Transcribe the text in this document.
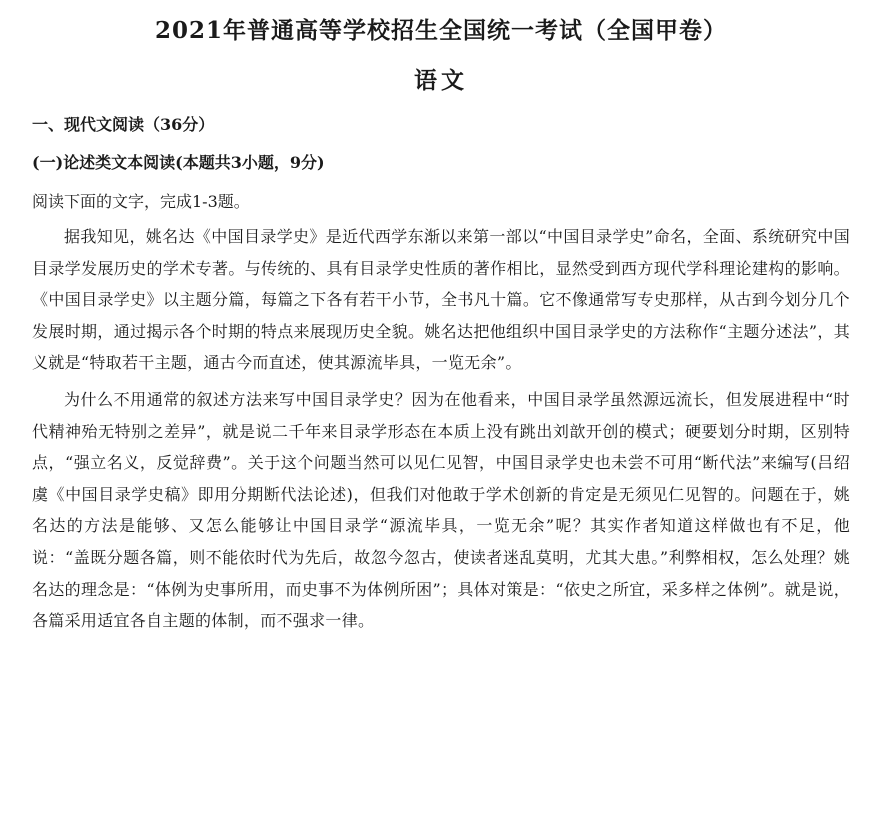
2021年普通高等学校招生全国统一考试（全国甲卷）
语文

一、现代文阅读（36分）

(一)论述类文本阅读(本题共3小题，9分)

阅读下面的文字，完成1-3题。

据我知见，姚名达《中国目录学史》是近代西学东渐以来第一部以“中国目录学史”命名，全面、系统研究中国目录学发展历史的学术专著。与传统的、具有目录学史性质的著作相比，显然受到西方现代学科理论建构的影响。《中国目录学史》以主题分篇，每篇之下各有若干小节，全书凡十篇。它不像通常写专史那样，从古到今划分几个发展时期，通过揭示各个时期的特点来展现历史全貌。姚名达把他组织中国目录学史的方法称作“主题分述法”，其义就是“特取若干主题，通古今而直述，使其源流毕具，一览无余”。

为什么不用通常的叙述方法来写中国目录学史？因为在他看来，中国目录学虽然源远流长，但发展进程中“时代精神殆无特别之差异”，就是说二千年来目录学形态在本质上没有跳出刘歆开创的模式；硬要划分时期，区别特点，“强立名义，反觉辞费”。关于这个问题当然可以见仁见智，中国目录学史也未尝不可用“断代法”来编写(吕绍虞《中国目录学史稿》即用分期断代法论述)，但我们对他敢于学术创新的肯定是无须见仁见智的。问题在于，姚名达的方法是能够、又怎么能够让中国目录学“源流毕具，一览无余”呢？其实作者知道这样做也有不足，他说：“盖既分题各篇，则不能依时代为先后，故忽今忽古，使读者迷乱莫明，尤其大患。”利弊相权，怎么处理？姚名达的理念是：“体例为史事所用，而史事不为体例所困”；具体对策是：“依史之所宜，采多样之体例”。就是说，各篇采用适宜各自主题的体制，而不强求一律。
